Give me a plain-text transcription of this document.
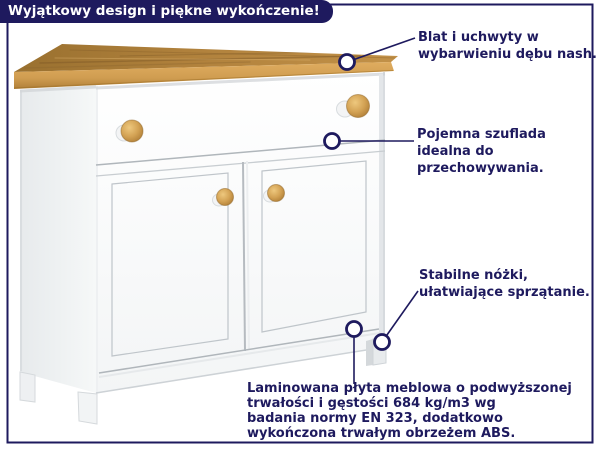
Wyjątkowy design i piękne wykończenie!
Blat i uchwyty w
wybarwieniu dębu nash.
Pojemna szuflada
idealna do
przechowywania.
Stabilne nóżki,
ułatwiające sprzątanie.
Laminowana płyta meblowa o podwyższonej
trwałości i gęstości 684 kg/m3 wg
badania normy EN 323, dodatkowo
wykończona trwałym obrzeżem ABS.
